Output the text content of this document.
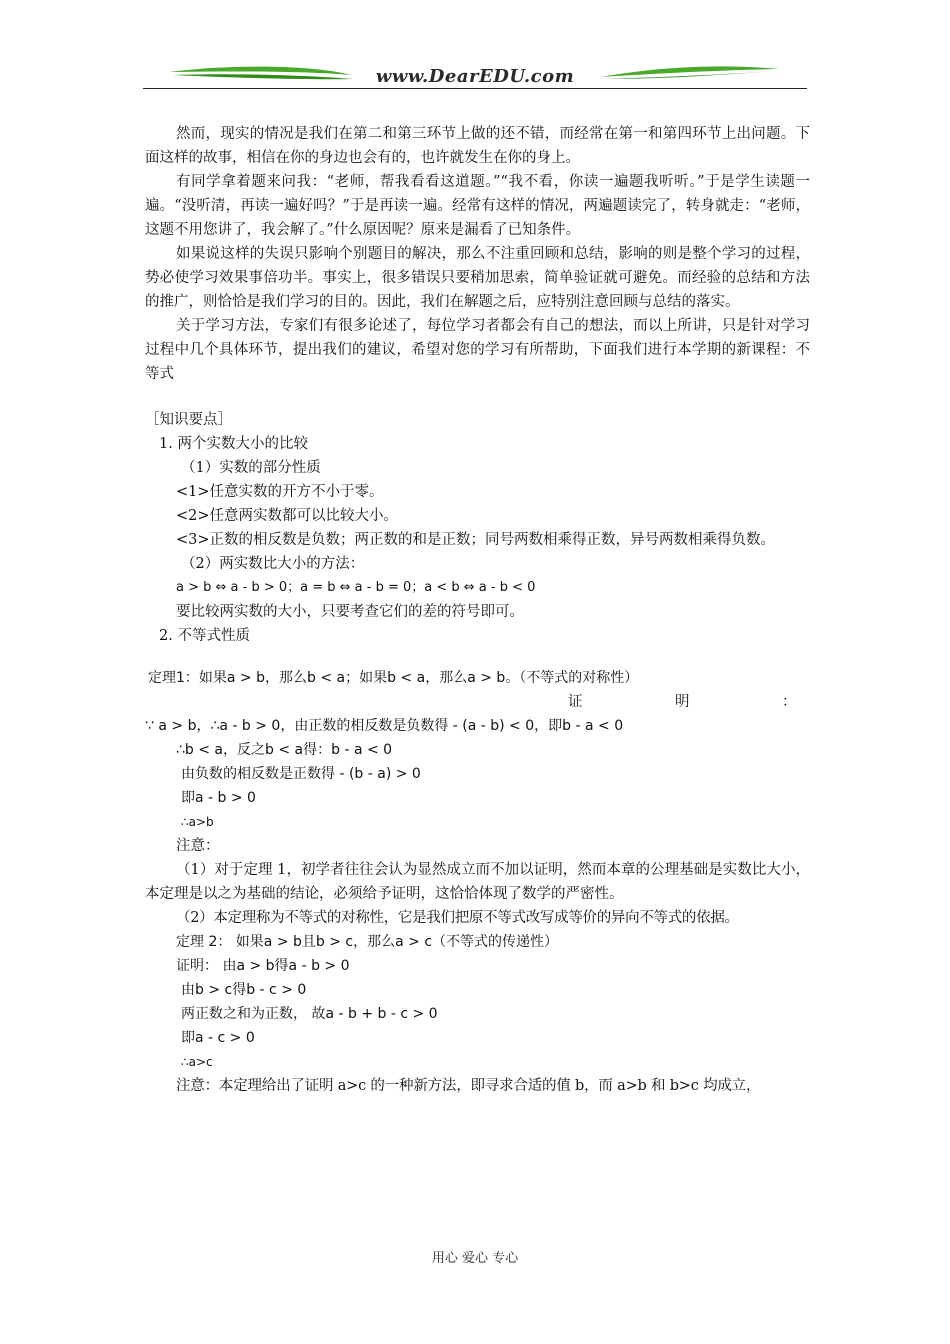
www.DearEDU.com

然而，现实的情况是我们在第二和第三环节上做的还不错，而经常在第一和第四环节上出问题。下面这样的故事，相信在你的身边也会有的，也许就发生在你的身上。

有同学拿着题来问我：“老师，帮我看看这道题。”“我不看，你读一遍题我听听。”于是学生读题一遍。“没听清，再读一遍好吗？”于是再读一遍。经常有这样的情况，两遍题读完了，转身就走：“老师，这题不用您讲了，我会解了。”什么原因呢？原来是漏看了已知条件。

如果说这样的失误只影响个别题目的解决，那么不注重回顾和总结，影响的则是整个学习的过程，势必使学习效果事倍功半。事实上，很多错误只要稍加思索，简单验证就可避免。而经验的总结和方法的推广，则恰恰是我们学习的目的。因此，我们在解题之后，应特别注意回顾与总结的落实。

关于学习方法，专家们有很多论述了，每位学习者都会有自己的想法，而以上所讲，只是针对学习过程中几个具体环节，提出我们的建议，希望对您的学习有所帮助，下面我们进行本学期的新课程：不等式

［知识要点］

1. 两个实数大小的比较

（1）实数的部分性质

<1>任意实数的开方不小于零。

<2>任意两实数都可以比较大小。

<3>正数的相反数是负数；两正数的和是正数；同号两数相乘得正数，异号两数相乘得负数。

（2）两实数比大小的方法：

a > b ⇔ a - b > 0；a = b ⇔ a - b = 0；a < b ⇔ a - b < 0

要比较两实数的大小，只要考查它们的差的符号即可。

2. 不等式性质

定理1：如果a > b，那么b < a；如果b < a，那么a > b。（不等式的对称性）

证	明	：

∵ a > b，∴a - b > 0，由正数的相反数是负数得 - (a - b) < 0，即b - a < 0

∴b < a，反之b < a得：b - a < 0

由负数的相反数是正数得 - (b - a) > 0

即a - b > 0

∴a>b

注意：

（1）对于定理 1，初学者往往会认为显然成立而不加以证明，然而本章的公理基础是实数比大小，本定理是以之为基础的结论，必须给予证明，这恰恰体现了数学的严密性。

（2）本定理称为不等式的对称性，它是我们把原不等式改写成等价的异向不等式的依据。

定理 2： 如果a > b且b > c，那么a > c（不等式的传递性）

证明： 由a > b得a - b > 0

由b > c得b - c > 0

两正数之和为正数， 故a - b + b - c > 0

即a - c > 0

∴a>c

注意：本定理给出了证明 a>c 的一种新方法，即寻求合适的值 b，而 a>b 和 b>c 均成立，

用心 爱心 专心
